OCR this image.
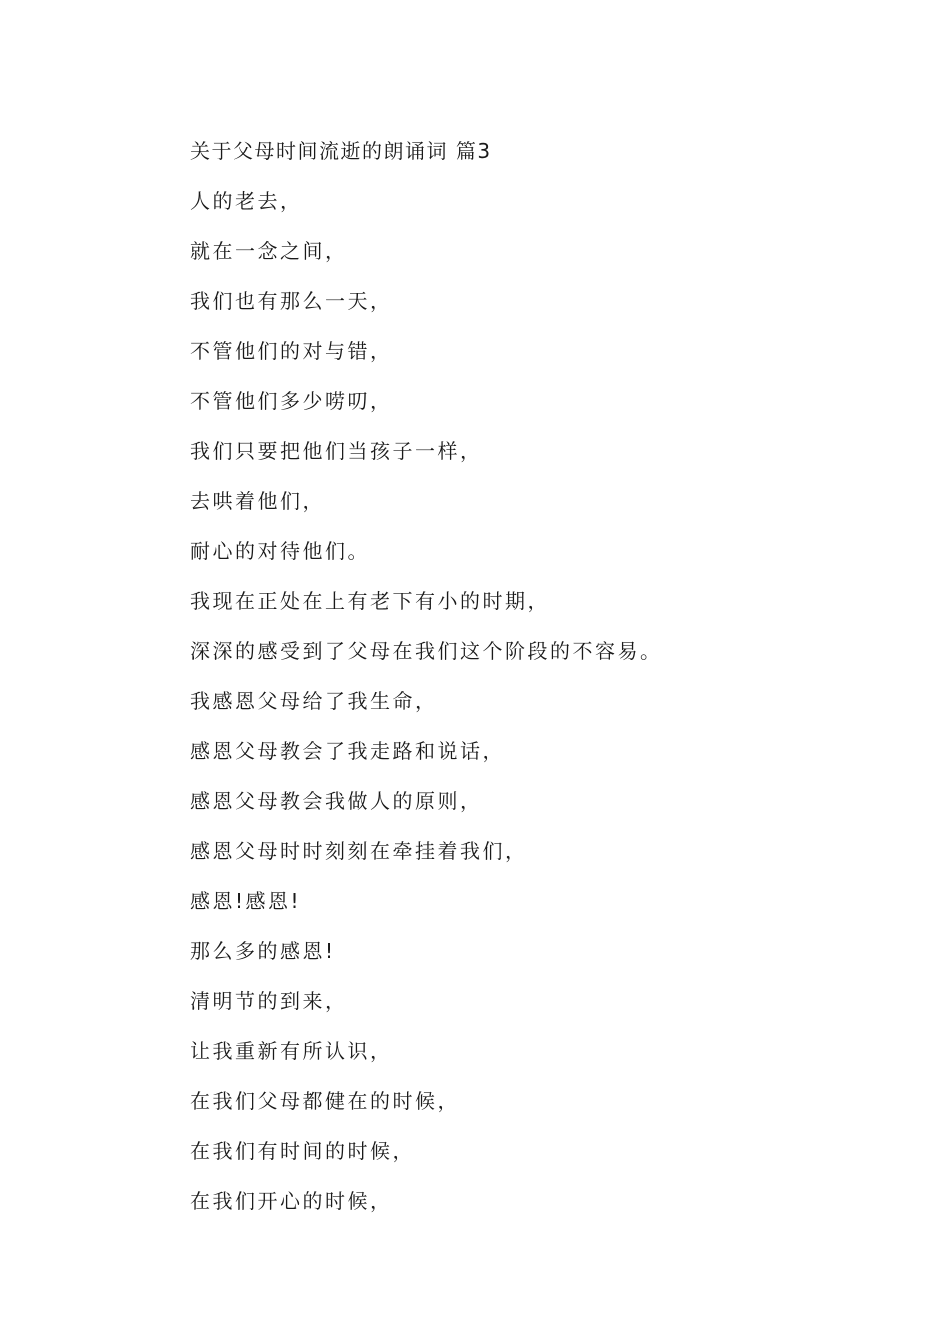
关于父母时间流逝的朗诵词 篇3

人的老去，

就在一念之间，

我们也有那么一天，

不管他们的对与错，

不管他们多少唠叨，

我们只要把他们当孩子一样，

去哄着他们，

耐心的对待他们。

我现在正处在上有老下有小的时期，

深深的感受到了父母在我们这个阶段的不容易。

我感恩父母给了我生命，

感恩父母教会了我走路和说话，

感恩父母教会我做人的原则，

感恩父母时时刻刻在牵挂着我们，

感恩!感恩!

那么多的感恩!

清明节的到来，

让我重新有所认识，

在我们父母都健在的时候，

在我们有时间的时候，

在我们开心的时候，
